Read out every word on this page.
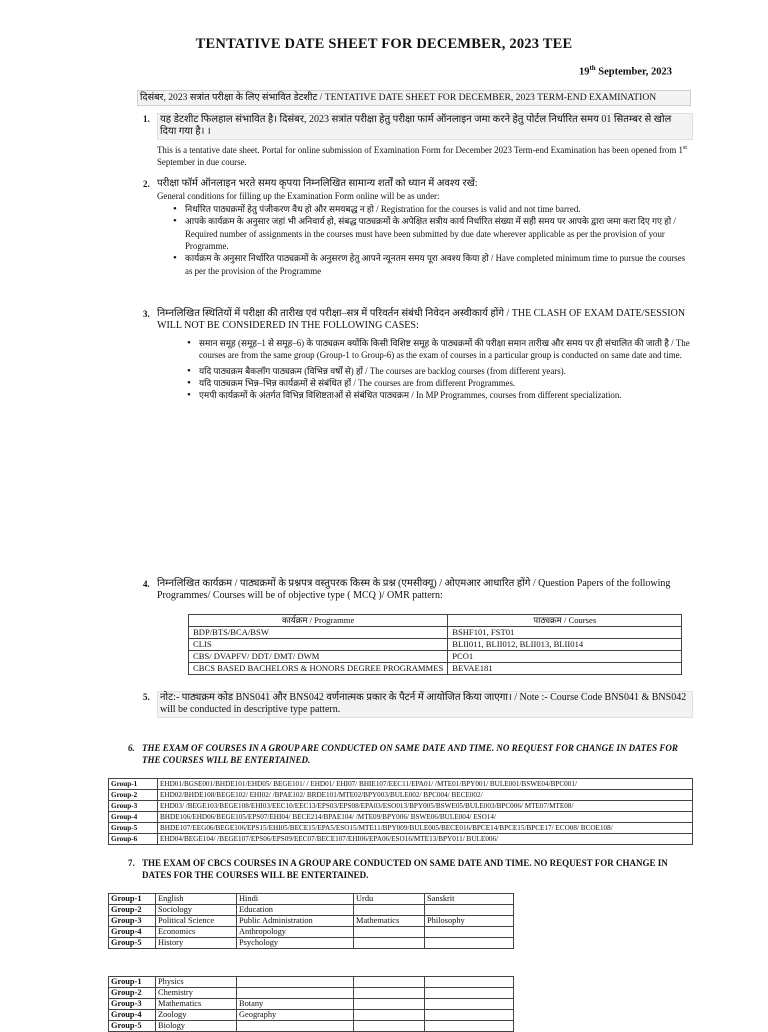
TENTATIVE DATE SHEET FOR DECEMBER, 2023 TEE
19th September, 2023
दिसंबर, 2023 सत्रांत परीक्षा के लिए संभावित डेटशीट / TENTATIVE DATE SHEET FOR DECEMBER, 2023 TERM-END EXAMINATION
1.	यह डेटशीट फिलहाल संभावित है। दिसंबर, 2023 सत्रांत परीक्षा हेतु परीक्षा फार्म ऑनलाइन जमा करने हेतु पोर्टल निर्धारित समय 01 सितम्बर से खोल दिया गया है। ।
This is a tentative date sheet. Portal for online submission of Examination Form for December 2023 Term-end Examination has been opened from 1st September in due course.
2. परीक्षा फॉर्म ऑनलाइन भरते समय कृपया निम्नलिखित सामान्य शर्तों को ध्यान में अवश्य रखें:
General conditions for filling up the Examination Form online will be as under:
• निर्धारित पाठ्यक्रमों हेतु पंजीकरण वैध हो और समयबद्ध न हो / Registration for the courses is valid and not time barred.
• आपके कार्यक्रम के अनुसार जहां भी अनिवार्य हो, संबद्ध पाठ्यक्रमों के अपेक्षित सत्रीय कार्य निर्धारित संख्या में सही समय पर आपके द्वारा जमा करा दिए गए हो / Required number of assignments in the courses must have been submitted by due date wherever applicable as per the provision of your Programme.
• कार्यक्रम के अनुसार निर्धारित पाठ्यक्रमों के अनुसरण हेतु आपने न्यूनतम समय पूरा अवश्य किया हो / Have completed minimum time to pursue the courses as per the provision of the Programme
3. निम्नलिखित स्थितियों में परीक्षा की तारीख एवं परीक्षा–सत्र में परिवर्तन संबंधी निवेदन अस्वीकार्य होंगे / THE CLASH OF EXAM DATE/SESSION WILL NOT BE CONSIDERED IN THE FOLLOWING CASES:
• समान समूह (समूह–1 से समूह–6) के पाठ्यक्रम क्योंकि किसी विशिष्ट समूह के पाठ्यक्रमों की परीक्षा समान तारीख और समय पर ही संचालित की जाती है / The courses are from the same group (Group-1 to Group-6) as the exam of courses in a particular group is conducted on same date and time.
• यदि पाठ्यक्रम बैकलॉग पाठ्यक्रम (विभिन्न वर्षों से) हों / The courses are backlog courses (from different years).
• यदि पाठ्यक्रम भिन्न–भिन्न कार्यक्रमों से संबंधित हों / The courses are from different Programmes.
• एमपी कार्यक्रमों के अंतर्गत विभिन्न विशिष्टताओं से संबंधित पाठ्यक्रम / In MP Programmes, courses from different specialization.
4. निम्नलिखित कार्यक्रम / पाठ्यक्रमों के प्रश्नपत्र वस्तुपरक किस्म के प्रश्न (एमसीक्यू) / ओएमआर आधारित होंगे / Question Papers of the following Programmes/ Courses will be of objective type ( MCQ )/ OMR pattern:
कार्यक्रम / Programme	पाठ्यक्रम / Courses
BDP/BTS/BCA/BSW	BSHF101, FST01
CLIS	BLII011, BLII012, BLII013, BLII014
CBS/ DVAPFV/ DDT/ DMT/ DWM	PCO1
CBCS BASED BACHELORS & HONORS DEGREE PROGRAMMES	BEVAE181
5.	नोट:- पाठ्यक्रम कोड BNS041 और BNS042 वर्णनात्मक प्रकार के पैटर्न में आयोजित किया जाएगा। / Note :- Course Code BNS041 & BNS042 will be conducted in descriptive type pattern.
6. THE EXAM OF COURSES IN A GROUP ARE CONDUCTED ON SAME DATE AND TIME. NO REQUEST FOR CHANGE IN DATES FOR THE COURSES WILL BE ENTERTAINED.
Group-1	EHD01/BGSE001/BHDE101/EHD05/ BEGE101/ / EHD01/ EHI07/ BHIE107/EEC11/EPA01/ /MTE01/BPY001/ BULE001/BSWE04/BPC001/
Group-2	EHD02/BHDE108/BEGE102/ EHI02/ /BPAE102/ BRDE101/MTE02/BPY003/BULE002/ BPC004/ BECE002/
Group-3	EHD03/ /BEGE103/BEGE108/EHI03/EEC10/EEC13/EPS03/EPS08/EPA03/ESO013/BPY005/BSWE05/BULE003/BPC006/ MTE07/MTE08/
Group-4	BHDE106/EHD06/BEGE105/EPS07/EHI04/ BECE214/BPAE104/ /MTE09/BPY006/ BSWE06/BULE004/ ESO14/
Group-5	BHDE107/EEG06/BEGE106/EPS15/EHI05/BECE15/EPA5/ESO15/MTE11/BPY009/BULE005/BECE016/BPCE14/BPCE15/BPCE17/ ECO08/ BCOE108/
Group-6	EHD04/BEGE104/ /BEGE107/EPS06/EPS09/EEC07/BECE107/EHI06/EPA06/ESO16/MTE13/BPY011/ BULE006/
7. THE EXAM OF CBCS COURSES IN A GROUP ARE CONDUCTED ON SAME DATE AND TIME. NO REQUEST FOR CHANGE IN DATES FOR THE COURSES WILL BE ENTERTAINED.
Group-1	English	Hindi	Urdu	Sanskrit
Group-2	Sociology	Education		
Group-3	Political Science	Public Administration	Mathematics	Philosophy
Group-4	Economics	Anthropology		
Group-5	History	Psychology		
Group-1	Physics			
Group-2	Chemistry			
Group-3	Mathematics	Botany		
Group-4	Zoology	Geography		
Group-5	Biology			
